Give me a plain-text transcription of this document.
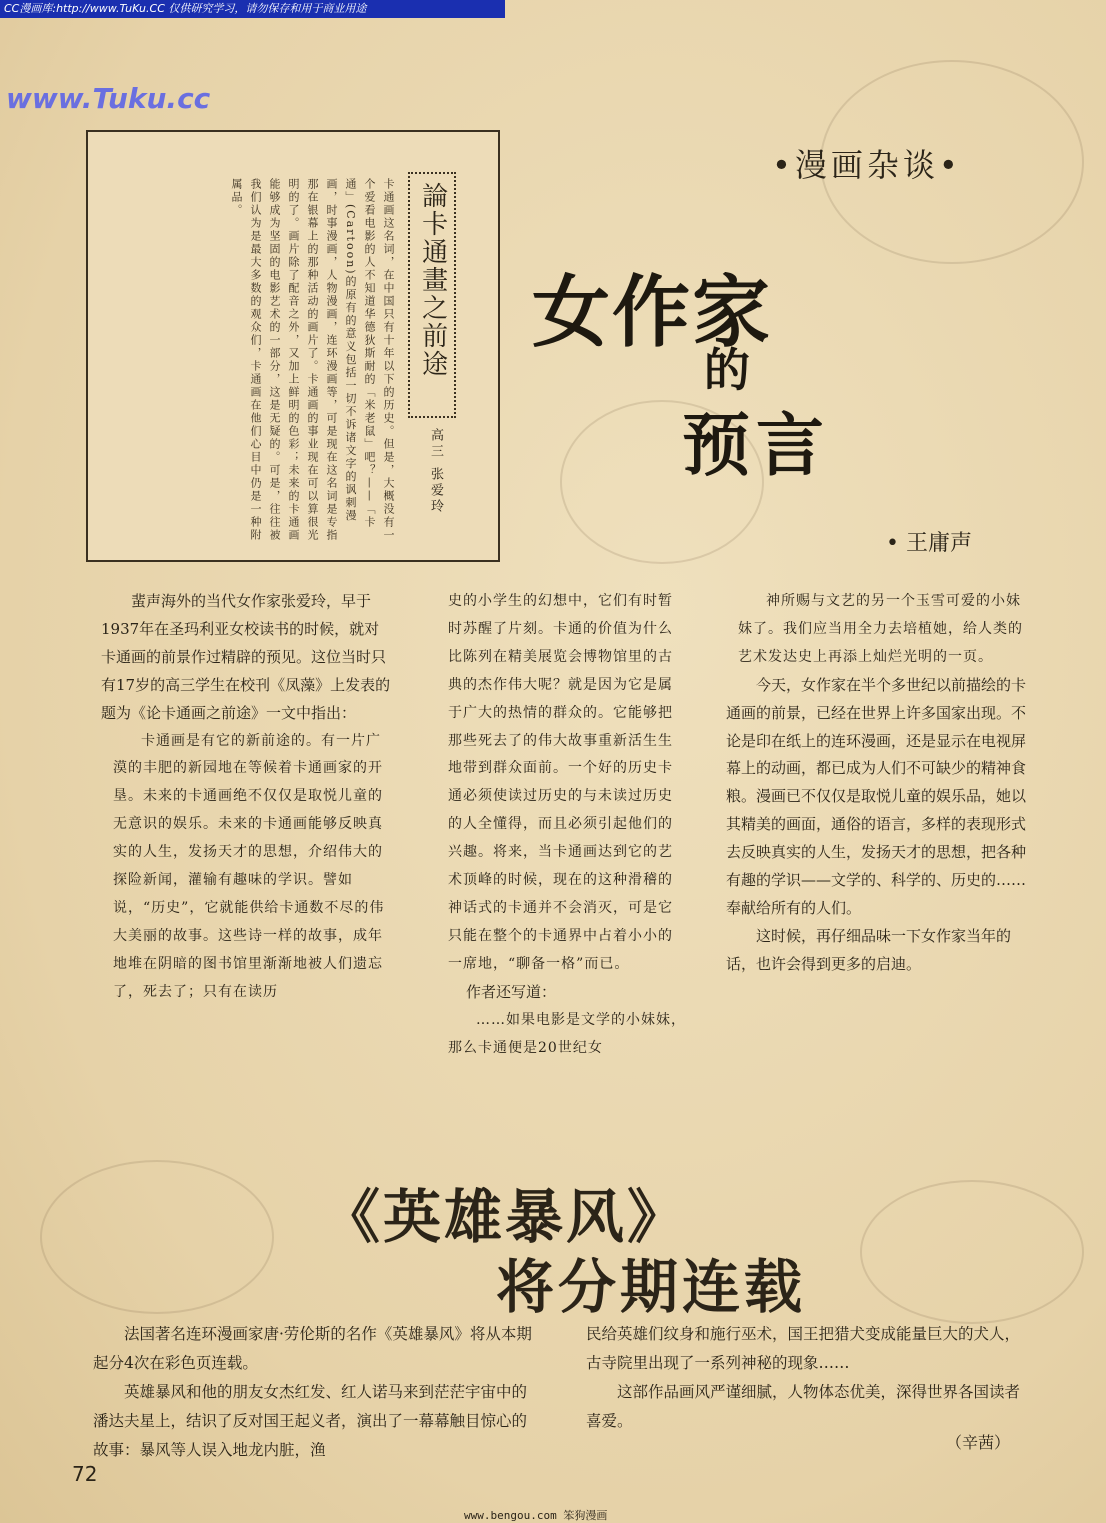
CC漫画库:http://www.TuKu.CC 仅供研究学习，请勿保存和用于商业用途
www.Tuku.cc
論卡通畫之前途
高三 张爱玲
卡通画这名词，在中国只有十年以下的历史。但是，大概没有一个爱看电影的人不知道华德狄斯耐的「米老鼠」吧？——「卡通」(Cartoon)的原有的意义包括一切不诉诸文字的讽刺漫画，时事漫画，人物漫画，连环漫画等，可是现在这名词是专指那在银幕上的那种活动的画片了。卡通画的事业现在可以算很光明的了。画片除了配音之外，又加上鲜明的色彩；未来的卡通画能够成为坚固的电影艺术的一部分，这是无疑的。可是，往往被我们认为是最大多数的观众们，卡通画在他们心目中仍是一种附属品。
•漫画杂谈•
女作家
的
预言
• 王庸声

蜚声海外的当代女作家张爱玲，早于1937年在圣玛利亚女校读书的时候，就对卡通画的前景作过精辟的预见。这位当时只有17岁的高三学生在校刊《凤藻》上发表的题为《论卡通画之前途》一文中指出：

卡通画是有它的新前途的。有一片广漠的丰肥的新园地在等候着卡通画家的开垦。未来的卡通画绝不仅仅是取悦儿童的无意识的娱乐。未来的卡通画能够反映真实的人生，发扬天才的思想，介绍伟大的探险新闻，灌输有趣味的学识。譬如说，“历史”，它就能供给卡通数不尽的伟大美丽的故事。这些诗一样的故事，成年地堆在阴暗的图书馆里渐渐地被人们遗忘了，死去了；只有在读历

史的小学生的幻想中，它们有时暂时苏醒了片刻。卡通的价值为什么比陈列在精美展览会博物馆里的古典的杰作伟大呢？就是因为它是属于广大的热情的群众的。它能够把那些死去了的伟大故事重新活生生地带到群众面前。一个好的历史卡通必须使读过历史的与未读过历史的人全懂得，而且必须引起他们的兴趣。将来，当卡通画达到它的艺术顶峰的时候，现在的这种滑稽的神话式的卡通并不会消灭，可是它只能在整个的卡通界中占着小小的一席地，“聊备一格”而已。

作者还写道：

……如果电影是文学的小妹妹，那么卡通便是20世纪女

神所赐与文艺的另一个玉雪可爱的小妹妹了。我们应当用全力去培植她，给人类的艺术发达史上再添上灿烂光明的一页。

今天，女作家在半个多世纪以前描绘的卡通画的前景，已经在世界上许多国家出现。不论是印在纸上的连环漫画，还是显示在电视屏幕上的动画，都已成为人们不可缺少的精神食粮。漫画已不仅仅是取悦儿童的娱乐品，她以其精美的画面，通俗的语言，多样的表现形式去反映真实的人生，发扬天才的思想，把各种有趣的学识——文学的、科学的、历史的……奉献给所有的人们。

这时候，再仔细品味一下女作家当年的话，也许会得到更多的启迪。

《英雄暴风》
将分期连载

法国著名连环漫画家唐·劳伦斯的名作《英雄暴风》将从本期起分4次在彩色页连载。

英雄暴风和他的朋友女杰红发、红人诺马来到茫茫宇宙中的潘达夫星上，结识了反对国王起义者，演出了一幕幕触目惊心的故事：暴风等人误入地龙内脏，渔

民给英雄们纹身和施行巫术，国王把猎犬变成能量巨大的犬人，古寺院里出现了一系列神秘的现象……

这部作品画风严谨细腻，人物体态优美，深得世界各国读者喜爱。

（辛茜）
72
www.bengou.com 笨狗漫画
